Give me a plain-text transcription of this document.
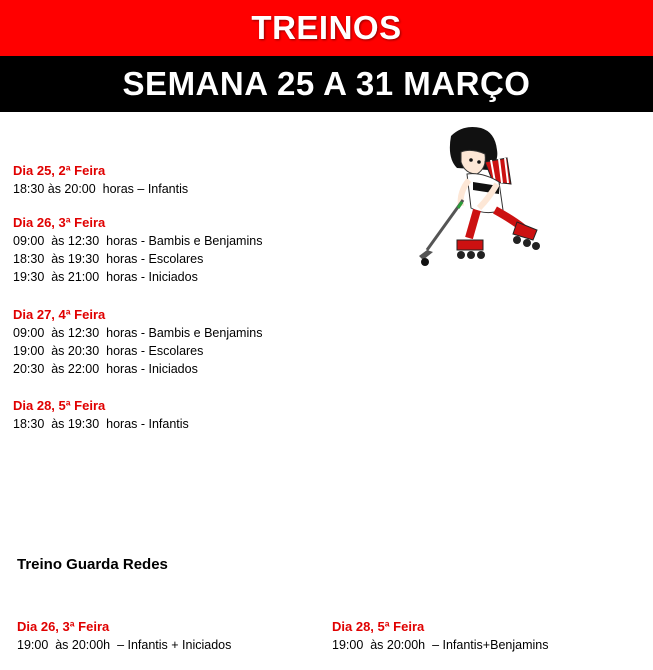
TREINOS
SEMANA 25 A 31 MARÇO
Dia 25, 2ª Feira
18:30 às 20:00  horas – Infantis
Dia 26, 3ª Feira
09:00  às 12:30  horas - Bambis e Benjamins
18:30  às 19:30  horas - Escolares
19:30  às 21:00  horas - Iniciados
Dia 27, 4ª Feira
09:00  às 12:30  horas - Bambis e Benjamins
19:00  às 20:30  horas - Escolares
20:30  às 22:00  horas - Iniciados
Dia 28, 5ª Feira
18:30  às 19:30  horas - Infantis
Treino Guarda Redes
Dia 26, 3ª Feira
19:00  às 20:00h  – Infantis + Iniciados
Dia 28, 5ª Feira
19:00  às 20:00h  – Infantis+Benjamins
